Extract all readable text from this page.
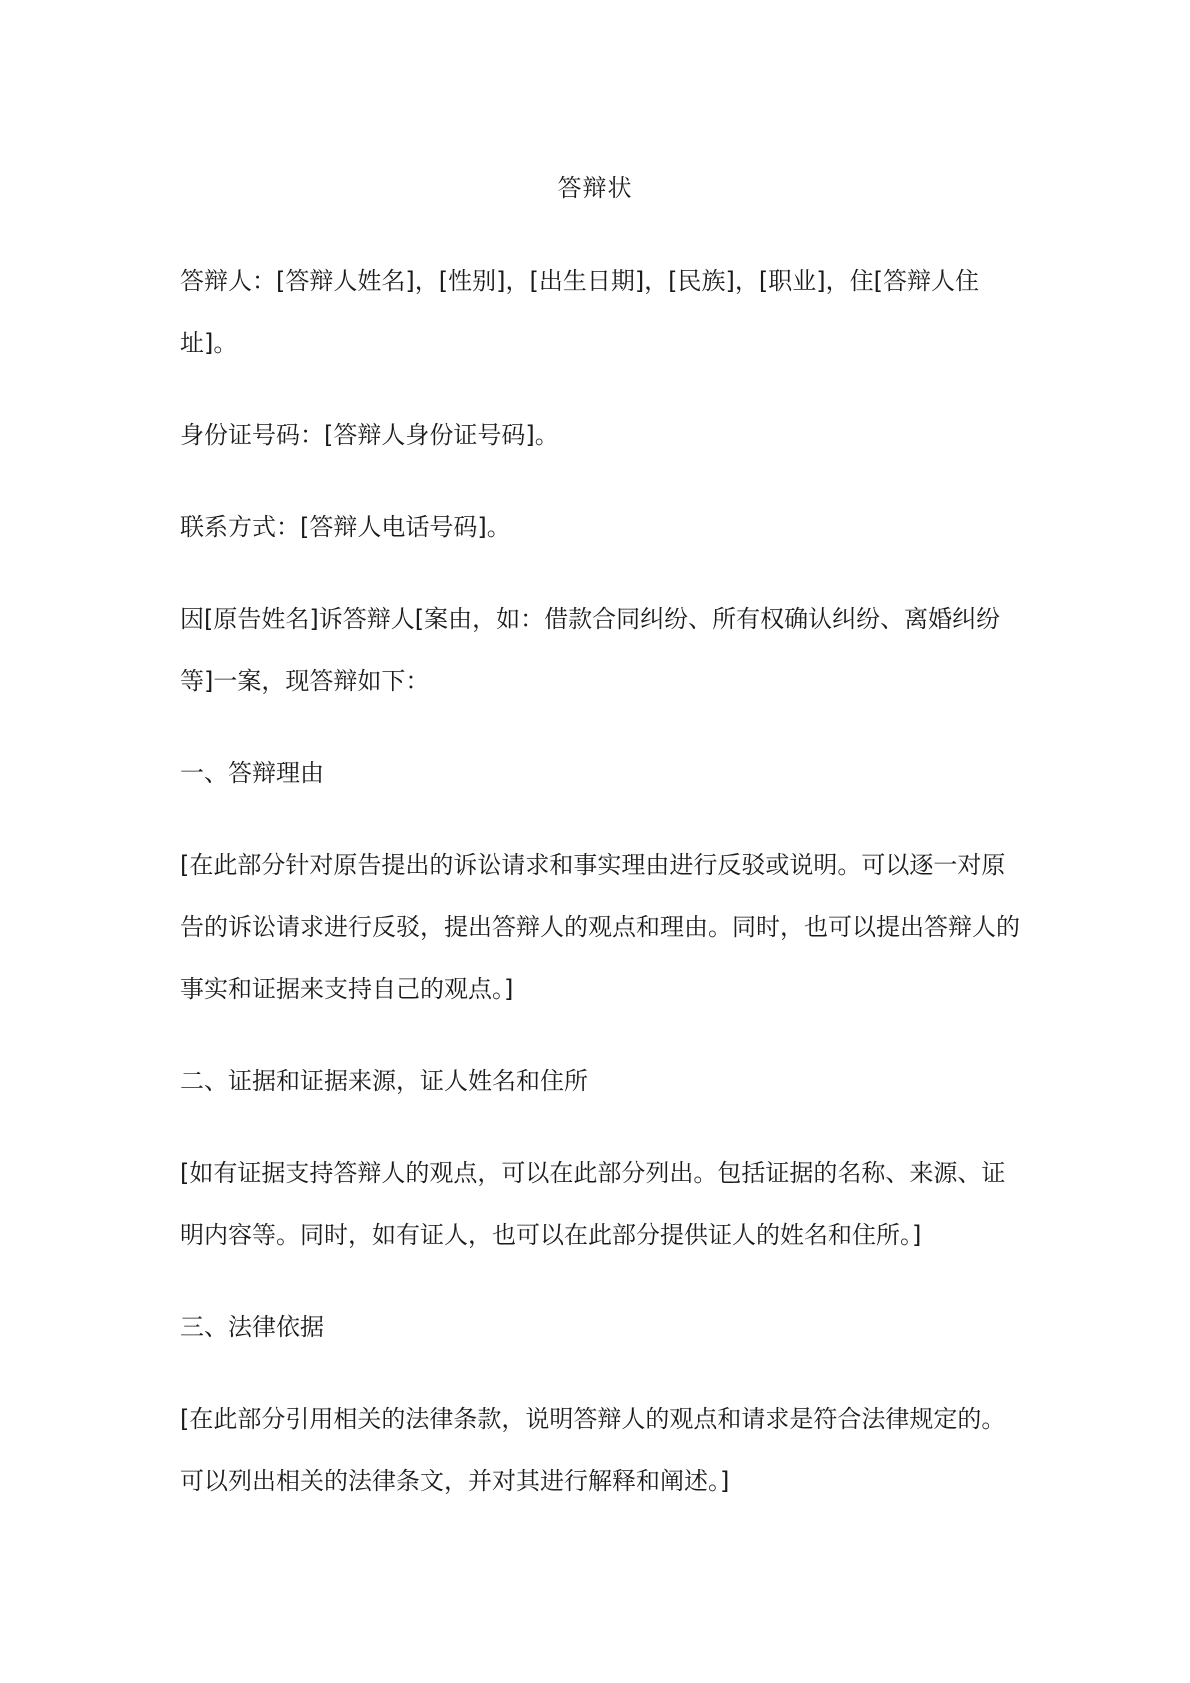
答辩状

答辩人：[答辩人姓名]，[性别]，[出生日期]，[民族]，[职业]，住[答辩人住址]。

身份证号码：[答辩人身份证号码]。

联系方式：[答辩人电话号码]。

因[原告姓名]诉答辩人[案由，如：借款合同纠纷、所有权确认纠纷、离婚纠纷等]一案，现答辩如下：

一、答辩理由

[在此部分针对原告提出的诉讼请求和事实理由进行反驳或说明。可以逐一对原告的诉讼请求进行反驳，提出答辩人的观点和理由。同时，也可以提出答辩人的事实和证据来支持自己的观点。]

二、证据和证据来源，证人姓名和住所

[如有证据支持答辩人的观点，可以在此部分列出。包括证据的名称、来源、证明内容等。同时，如有证人，也可以在此部分提供证人的姓名和住所。]

三、法律依据

[在此部分引用相关的法律条款，说明答辩人的观点和请求是符合法律规定的。可以列出相关的法律条文，并对其进行解释和阐述。]
